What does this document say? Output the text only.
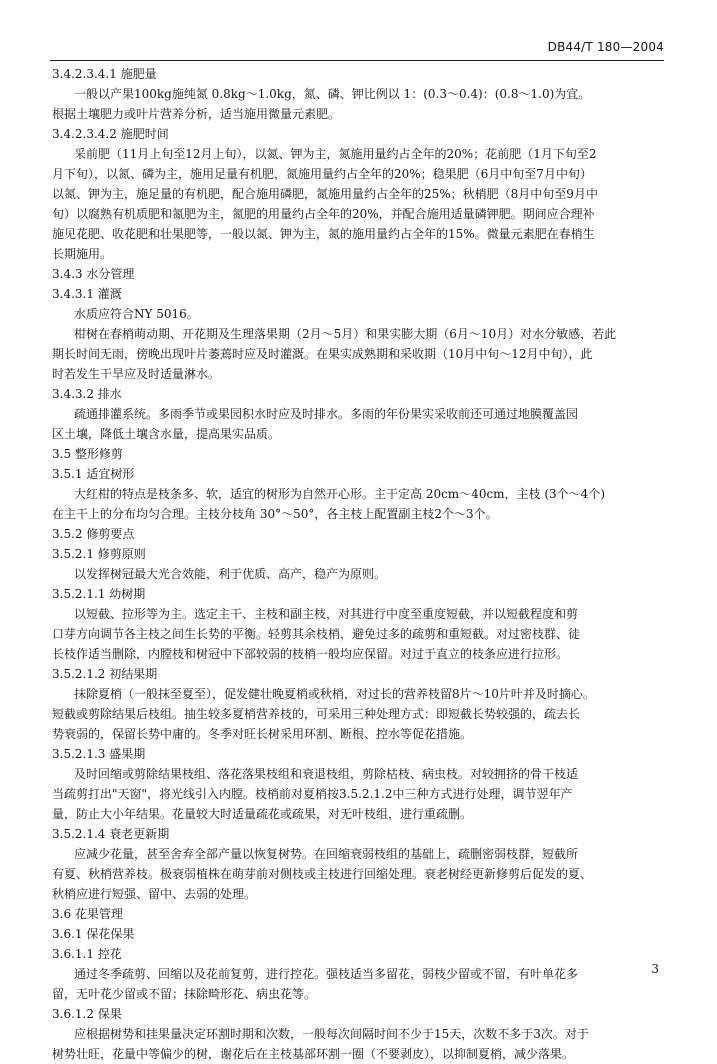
DB44/T 180—2004
3.4.2.3.4.1 施肥量
一般以产果100kg施纯氮 0.8kg～1.0kg，氮、磷、钾比例以 1：(0.3～0.4)：(0.8～1.0)为宜。
根据土壤肥力或叶片营养分析，适当施用微量元素肥。
3.4.2.3.4.2 施肥时间
采前肥（11月上旬至12月上旬），以氮、钾为主，氮施用量约占全年的20%；花前肥（1月下旬至2
月下旬），以氮、磷为主，施用足量有机肥，氮施用量约占全年的20%；稳果肥（6月中旬至7月中旬）
以氮、钾为主，施足量的有机肥，配合施用磷肥，氮施用量约占全年的25%；秋梢肥（8月中旬至9月中
旬）以腐熟有机质肥和氮肥为主，氮肥的用量约占全年的20%，并配合施用适量磷钾肥。期间应合理补
施见花肥、收花肥和壮果肥等，一般以氮、钾为主，氮的施用量约占全年的15%。微量元素肥在春梢生
长期施用。
3.4.3 水分管理
3.4.3.1 灌溉
水质应符合NY 5016。
柑树在春梢萌动期、开花期及生理落果期（2月～5月）和果实膨大期（6月～10月）对水分敏感，若此
期长时间无雨，傍晚出现叶片萎蔫时应及时灌溉。在果实成熟期和采收期（10月中旬～12月中旬），此
时若发生干旱应及时适量淋水。
3.4.3.2 排水
疏通排灌系统。多雨季节或果园积水时应及时排水。多雨的年份果实采收前还可通过地膜覆盖园
区土壤，降低土壤含水量，提高果实品质。
3.5 整形修剪
3.5.1 适宜树形
大红柑的特点是枝条多、软，适宜的树形为自然开心形。主干定高 20cm～40cm，主枝 (3个～4个)
在主干上的分布均匀合理。主枝分枝角 30°～50°，各主枝上配置副主枝2个～3个。
3.5.2 修剪要点
3.5.2.1 修剪原则
以发挥树冠最大光合效能，利于优质、高产，稳产为原则。
3.5.2.1.1 幼树期
以短截、拉形等为主。选定主干、主枝和副主枝，对其进行中度至重度短截，并以短截程度和剪
口芽方向调节各主枝之间生长势的平衡。轻剪其余枝梢，避免过多的疏剪和重短截。对过密枝群、徒
长枝作适当删除，内膛枝和树冠中下部较弱的枝梢一般均应保留。对过于直立的枝条应进行拉形。
3.5.2.1.2 初结果期
抹除夏梢（一般抹至夏至），促发健壮晚夏梢或秋梢，对过长的营养枝留8片～10片叶并及时摘心。
短截或剪除结果后枝组。抽生较多夏梢营养枝的，可采用三种处理方式：即短截长势较强的，疏去长
势衰弱的，保留长势中庸的。冬季对旺长树采用环割、断根、控水等促花措施。
3.5.2.1.3 盛果期
及时回缩或剪除结果枝组、落花落果枝组和衰退枝组，剪除枯枝、病虫枝。对较拥挤的骨干枝适
当疏剪打出"天窗"，将光线引入内膛。枝梢前对夏梢按3.5.2.1.2中三种方式进行处理，调节翌年产
量，防止大小年结果。花量较大时适量疏花或疏果，对无叶枝组，进行重疏删。
3.5.2.1.4 衰老更新期
应减少花量，甚至舍弃全部产量以恢复树势。在回缩衰弱枝组的基础上，疏删密弱枝群，短截所
有夏、秋梢营养枝。极衰弱植株在萌芽前对侧枝或主枝进行回缩处理。衰老树经更新修剪后促发的夏、
秋梢应进行短强、留中、去弱的处理。
3.6 花果管理
3.6.1 保花保果
3.6.1.1 控花
通过冬季疏剪、回缩以及花前复剪，进行控花。强枝适当多留花，弱枝少留或不留，有叶单花多
留，无叶花少留或不留；抹除畸形花、病虫花等。
3.6.1.2 保果
应根据树势和挂果量决定环割时期和次数，一般每次间隔时间不少于15天，次数不多于3次。对于
树势壮旺，花量中等偏少的树，谢花后在主枝基部环割一圈（不要剥皮），以抑制夏梢，减少落果。
3
